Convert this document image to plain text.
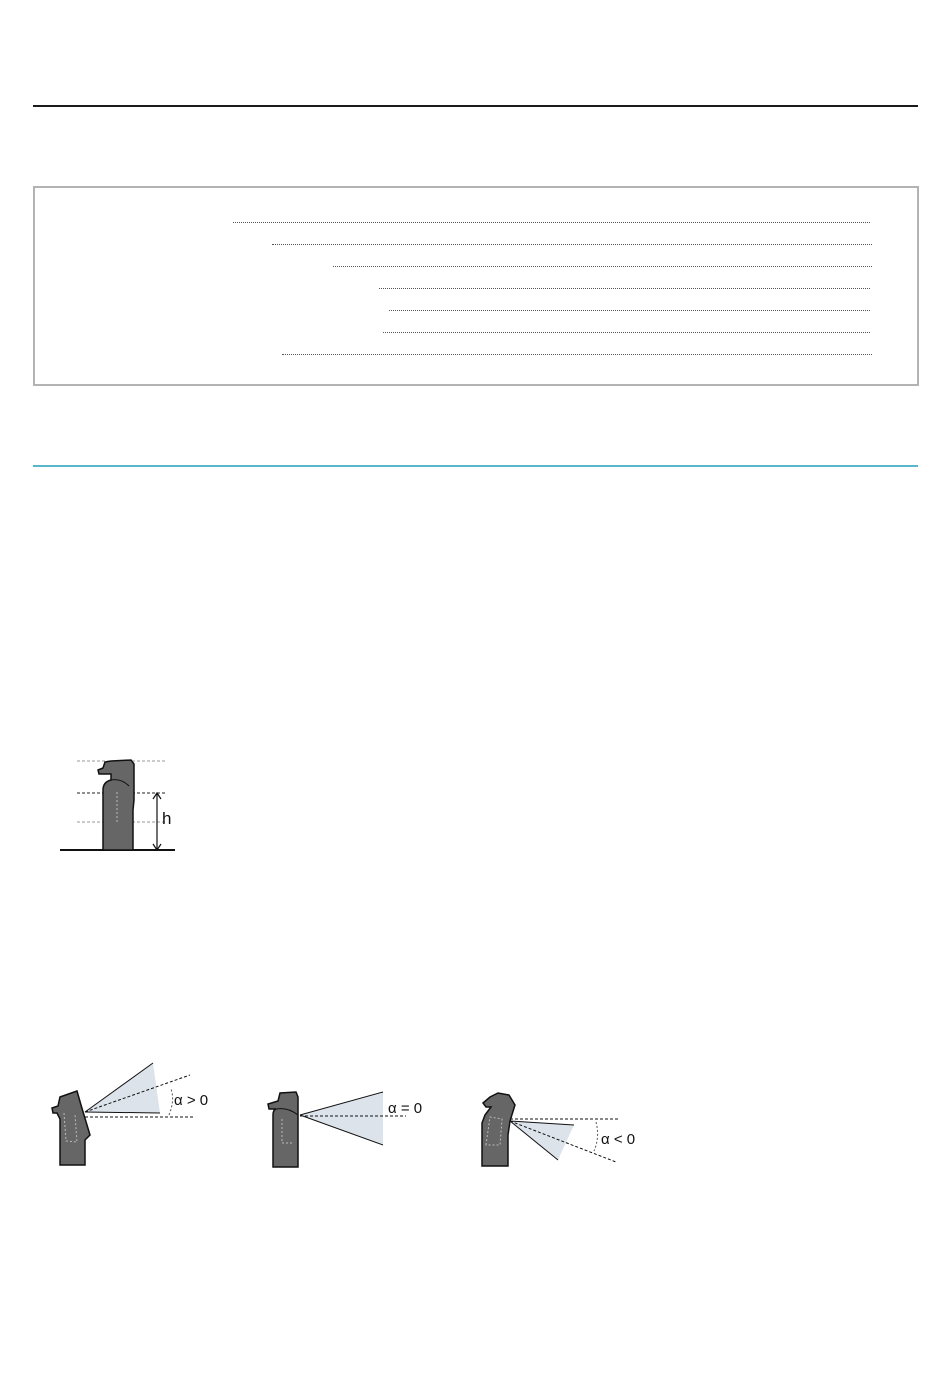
h
α > 0	α = 0
α < 0
